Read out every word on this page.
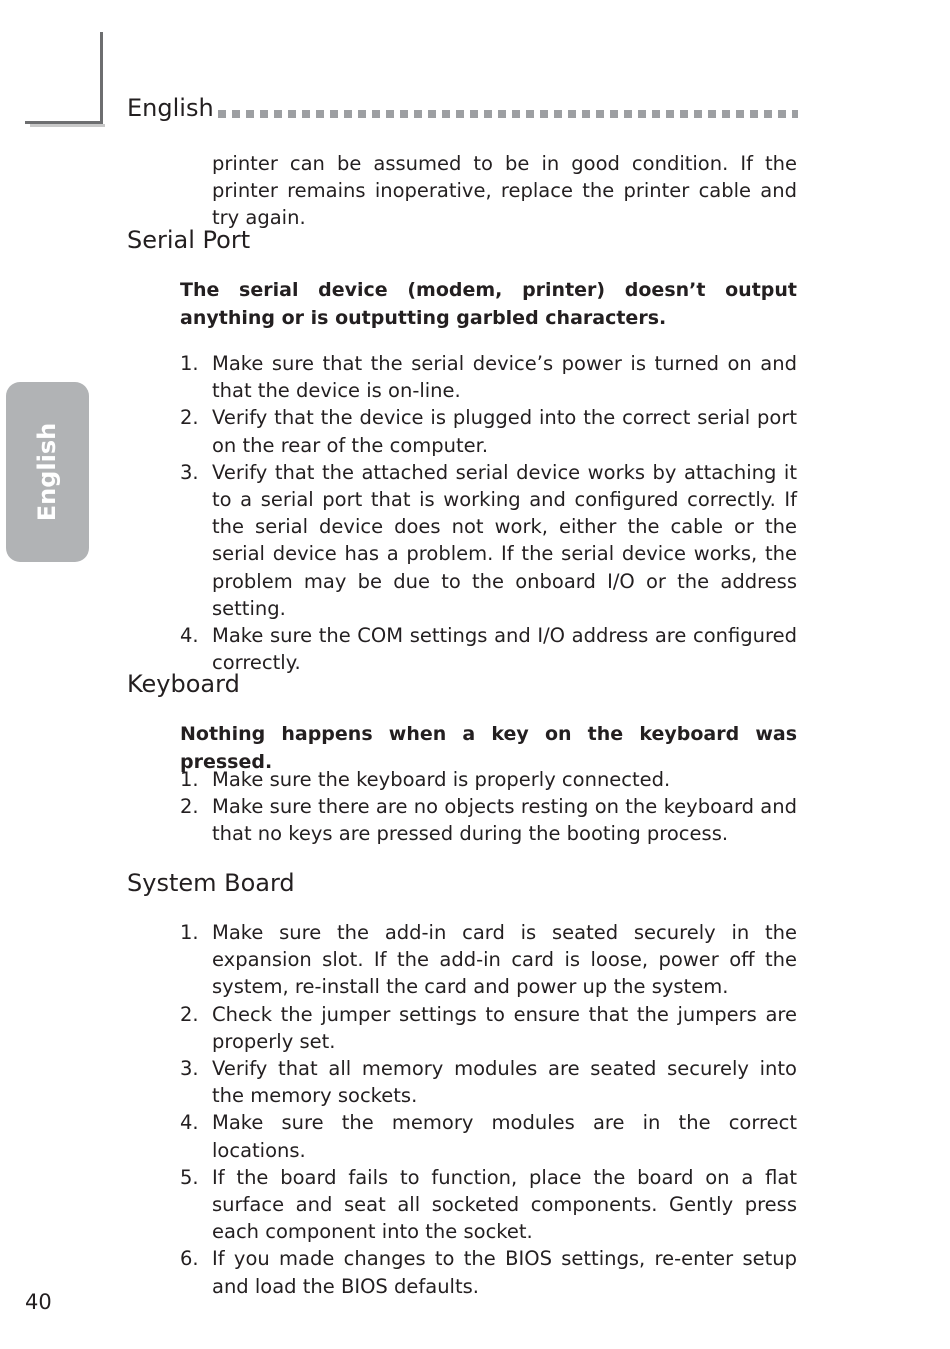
English
English

printer can be assumed to be in good condition. If the printer remains inoperative, replace the printer cable and try again.

Serial Port

The serial device (modem, printer) doesn’t output anything or is outputting garbled characters.

1. Make sure that the serial device’s power is turned on and that the device is on-line.
2. Verify that the device is plugged into the correct serial port on the rear of the computer.
3. Verify that the attached serial device works by attaching it to a serial port that is working and configured correctly. If the serial device does not work, either the cable or the serial device has a problem. If the serial device works, the problem may be due to the onboard I/O or the address setting.
4. Make sure the COM settings and I/O address are configured correctly.
Keyboard

Nothing happens when a key on the keyboard was pressed.

1. Make sure the keyboard is properly connected.
2. Make sure there are no objects resting on the keyboard and that no keys are pressed during the booting process.
System Board
1. Make sure the add-in card is seated securely in the expansion slot. If the add-in card is loose, power off the system, re-install the card and power up the system.
2. Check the jumper settings to ensure that the jumpers are properly set.
3. Verify that all memory modules are seated securely into the memory sockets.
4. Make sure the memory modules are in the correct locations.
5. If the board fails to function, place the board on a flat surface and seat all socketed components. Gently press each component into the socket.
6. If you made changes to the BIOS settings, re-enter setup and load the BIOS defaults.
40
